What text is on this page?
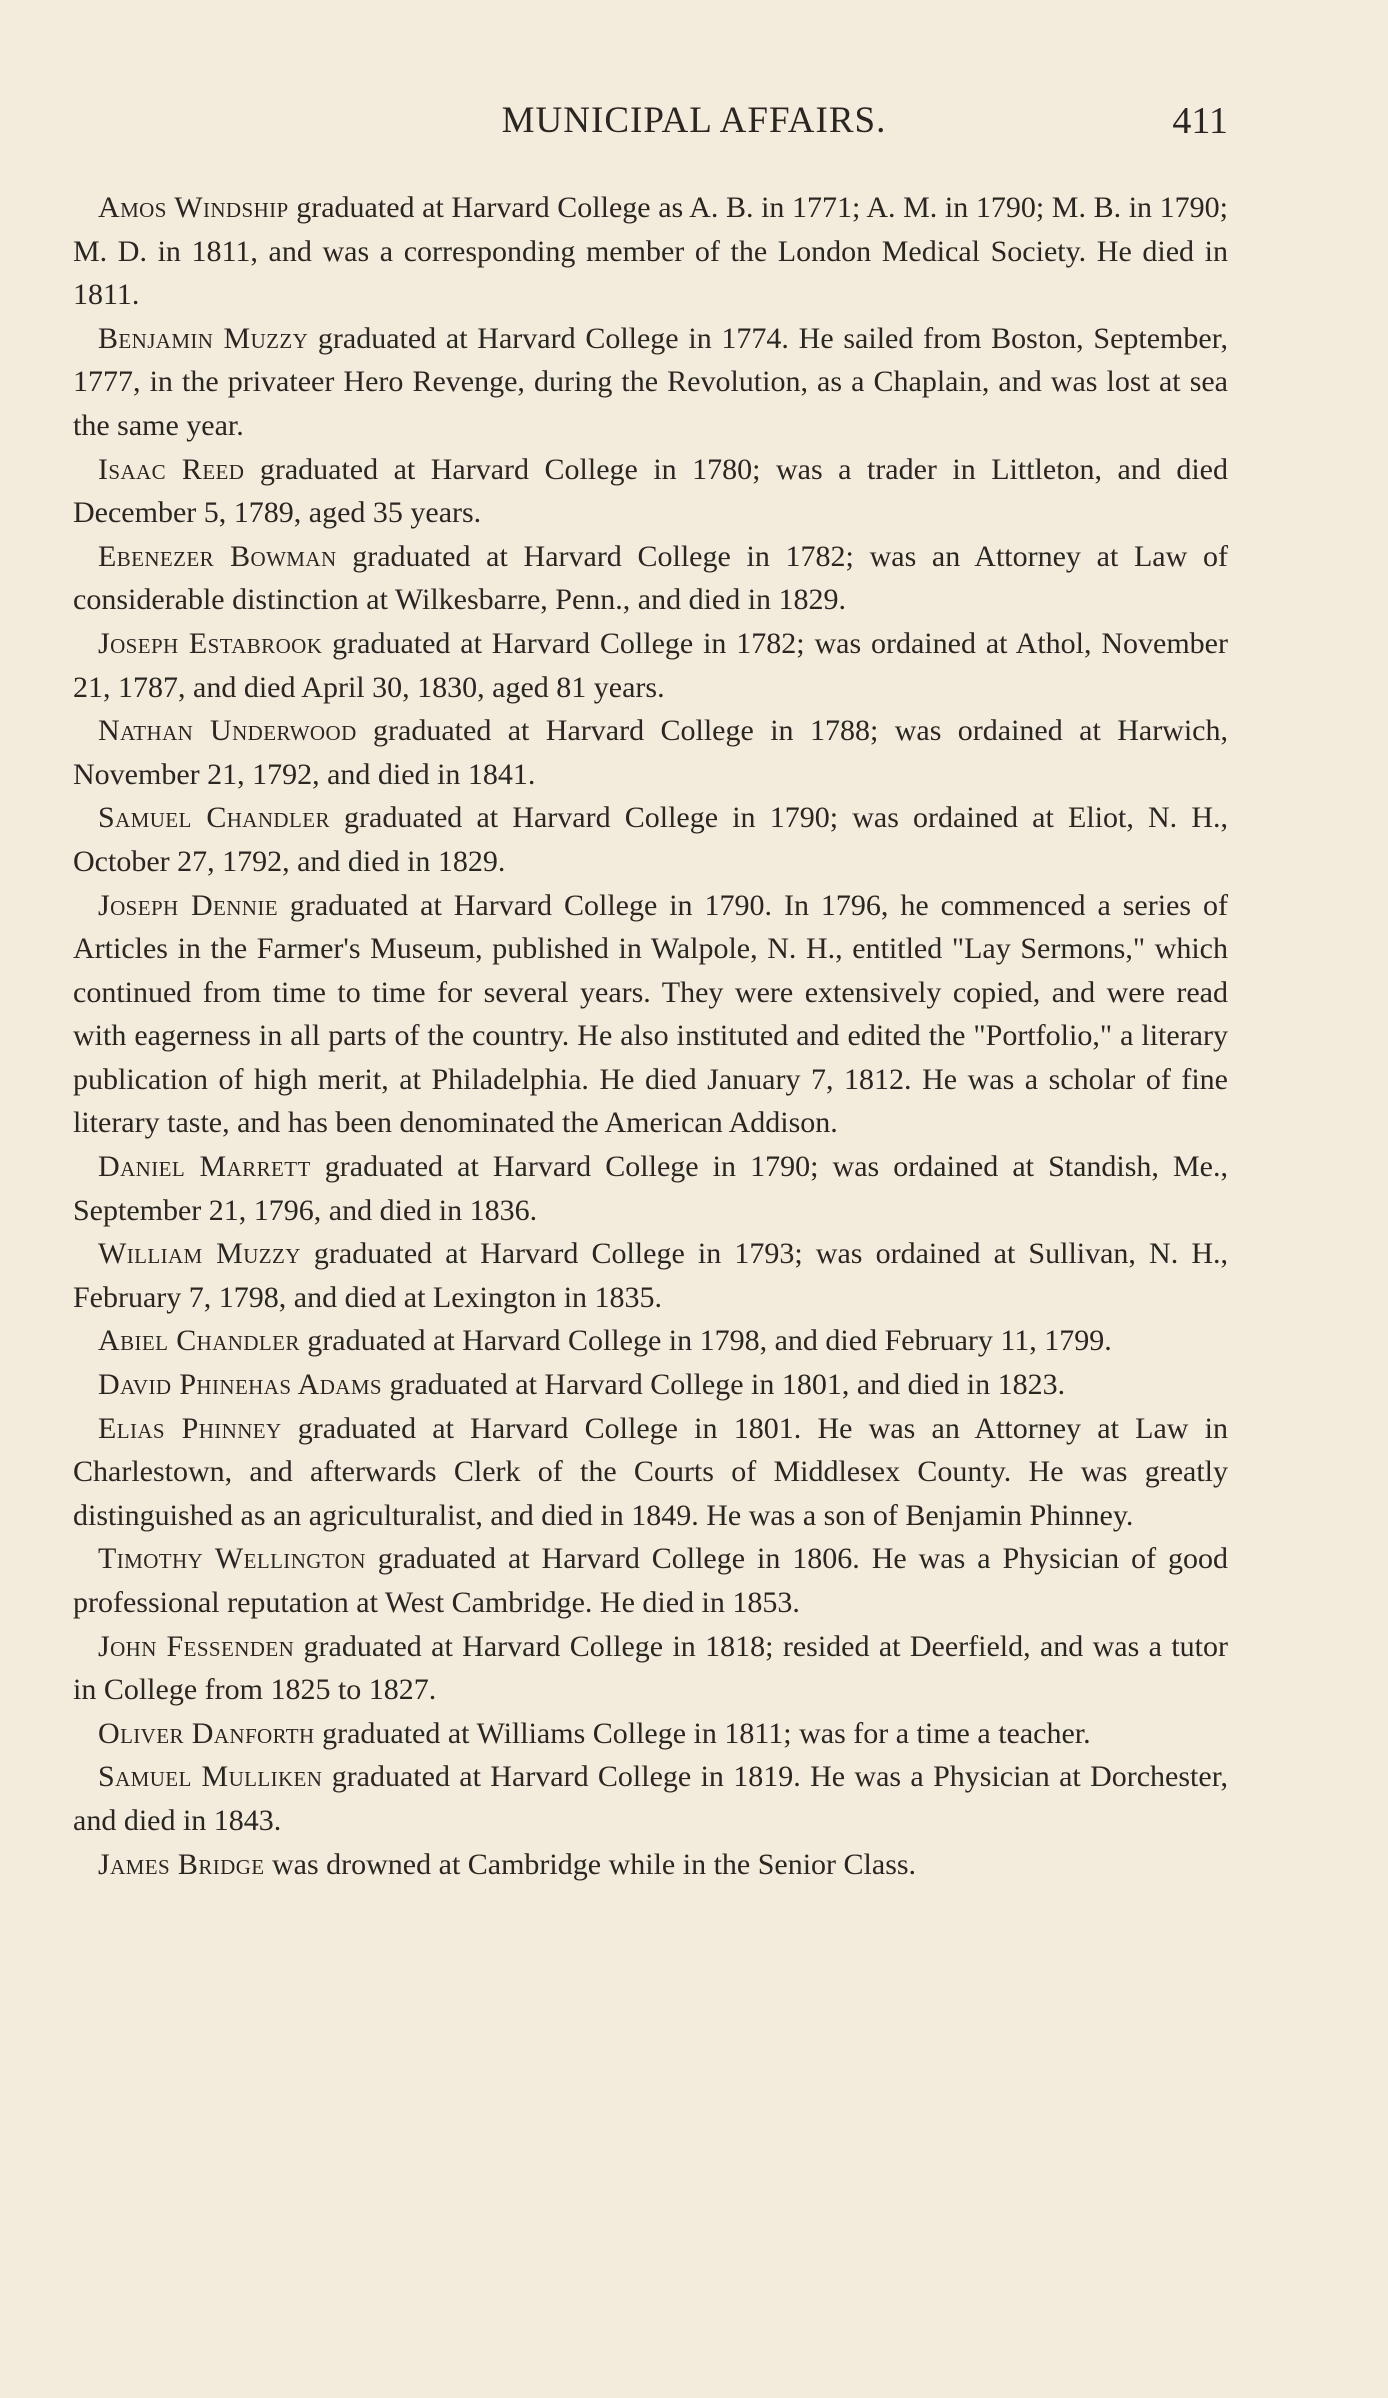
MUNICIPAL AFFAIRS.	411

Amos Windship graduated at Harvard College as A. B. in 1771; A. M. in 1790; M. B. in 1790; M. D. in 1811, and was a corresponding member of the London Medical Society. He died in 1811.

Benjamin Muzzy graduated at Harvard College in 1774. He sailed from Boston, September, 1777, in the privateer Hero Revenge, during the Revolution, as a Chaplain, and was lost at sea the same year.

Isaac Reed graduated at Harvard College in 1780; was a trader in Littleton, and died December 5, 1789, aged 35 years.

Ebenezer Bowman graduated at Harvard College in 1782; was an Attorney at Law of considerable distinction at Wilkesbarre, Penn., and died in 1829.

Joseph Estabrook graduated at Harvard College in 1782; was ordained at Athol, November 21, 1787, and died April 30, 1830, aged 81 years.

Nathan Underwood graduated at Harvard College in 1788; was ordained at Harwich, November 21, 1792, and died in 1841.

Samuel Chandler graduated at Harvard College in 1790; was ordained at Eliot, N. H., October 27, 1792, and died in 1829.

Joseph Dennie graduated at Harvard College in 1790. In 1796, he commenced a series of Articles in the Farmer's Museum, published in Walpole, N. H., entitled "Lay Sermons," which continued from time to time for several years. They were extensively copied, and were read with eagerness in all parts of the country. He also instituted and edited the "Portfolio," a literary publication of high merit, at Philadelphia. He died January 7, 1812. He was a scholar of fine literary taste, and has been denominated the American Addison.

Daniel Marrett graduated at Harvard College in 1790; was ordained at Standish, Me., September 21, 1796, and died in 1836.

William Muzzy graduated at Harvard College in 1793; was ordained at Sullivan, N. H., February 7, 1798, and died at Lexington in 1835.

Abiel Chandler graduated at Harvard College in 1798, and died February 11, 1799.

David Phinehas Adams graduated at Harvard College in 1801, and died in 1823.

Elias Phinney graduated at Harvard College in 1801. He was an Attorney at Law in Charlestown, and afterwards Clerk of the Courts of Middlesex County. He was greatly distinguished as an agriculturalist, and died in 1849. He was a son of Benjamin Phinney.

Timothy Wellington graduated at Harvard College in 1806. He was a Physician of good professional reputation at West Cambridge. He died in 1853.

John Fessenden graduated at Harvard College in 1818; resided at Deerfield, and was a tutor in College from 1825 to 1827.

Oliver Danforth graduated at Williams College in 1811; was for a time a teacher.

Samuel Mulliken graduated at Harvard College in 1819. He was a Physician at Dorchester, and died in 1843.

James Bridge was drowned at Cambridge while in the Senior Class.
